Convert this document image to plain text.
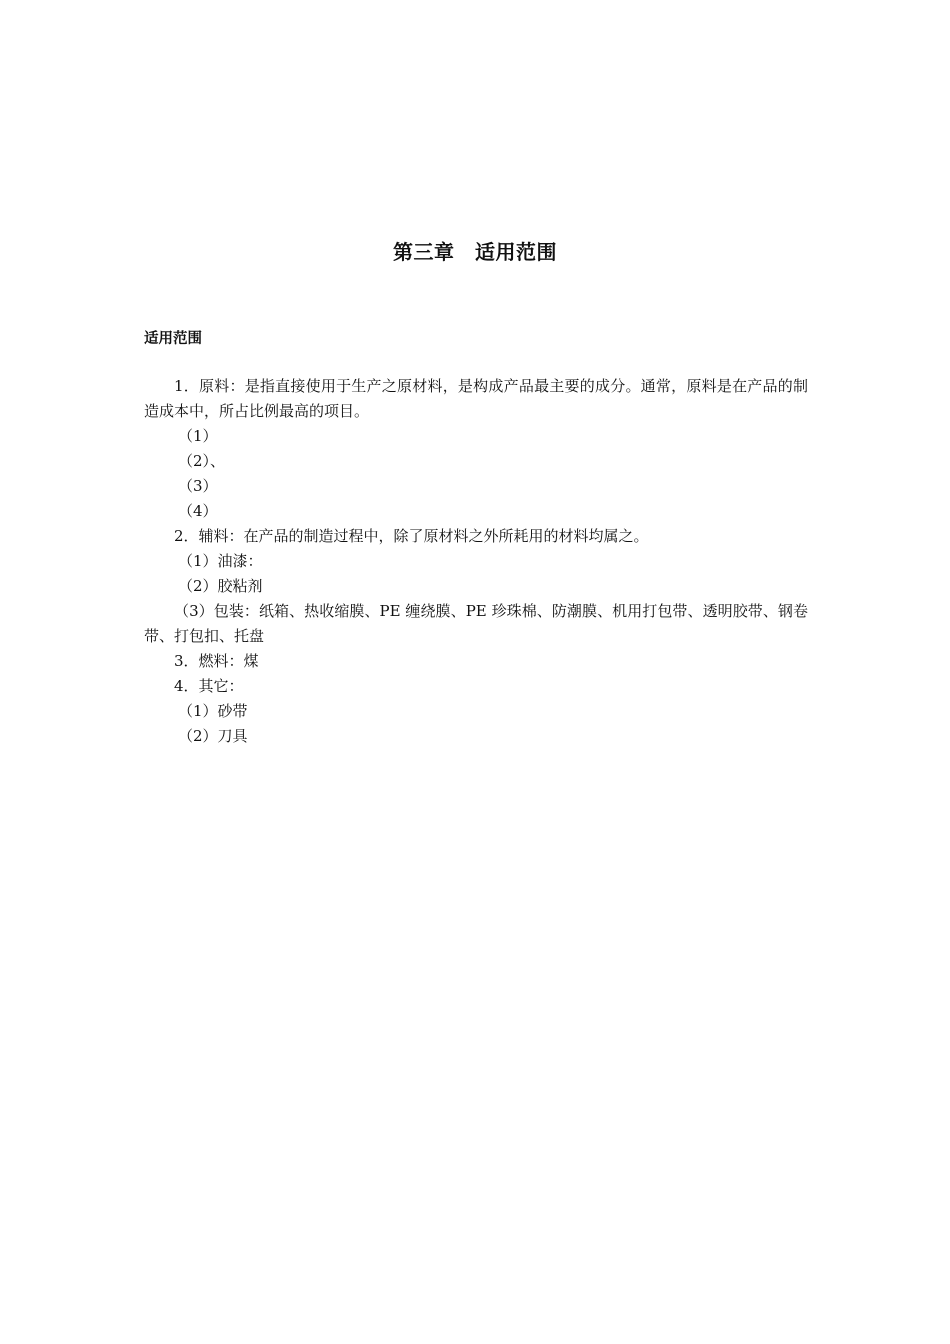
第三章　适用范围
适用范围

1．原料：是指直接使用于生产之原材料，是构成产品最主要的成分。通常，原料是在产品的制造成本中，所占比例最高的项目。

（1）

（2）、

（3）

（4）

2．辅料：在产品的制造过程中，除了原材料之外所耗用的材料均属之。

（1）油漆：

（2）胶粘剂

（3）包装：纸箱、热收缩膜、PE 缠绕膜、PE 珍珠棉、防潮膜、机用打包带、透明胶带、钢卷带、打包扣、托盘

3．燃料：煤

4．其它：

（1）砂带

（2）刀具
